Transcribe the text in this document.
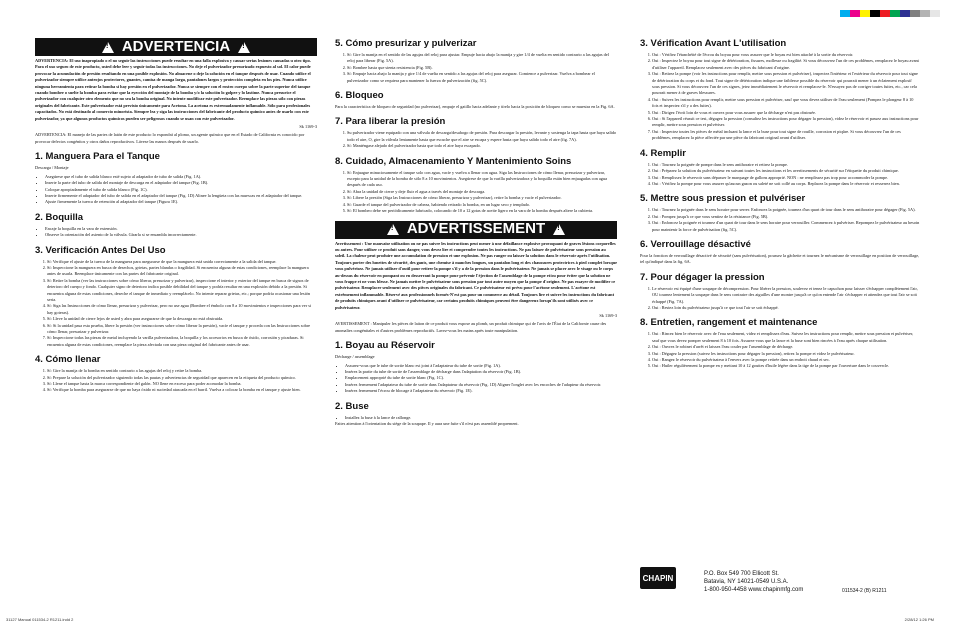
!
ADVERTENCIA
!

ADVERTENCIA: El uso inapropiado o el no seguir las instrucciones puede resultar en una falla explosiva y causar serias lesiones causadas u otro tipo. Para el uso seguro de este producto, usted debe leer y seguir todas las instrucciones. No deje el pulverizador presurizado expuesto al sol. El calor puede provocar la acumulación de presión resultando en una posible explosión. No almacene o deje la solución en el tanque después de usar. Cuando utilice el pulverizador siempre utilice anteojos protectores, guantes, camisa de manga larga, pantalones largos y protección completa en los pies. Nunca utilice ninguna herramienta para retirar la bomba si hay presión en el pulverizador. Nunca se siempre con el rostro cuerpo sobre la parte superior del tanque cuando bombee o suelte la bomba para evitar que la eyección del montaje de la bomba y/o la solución lo golpee y lo lastime. Nunca presurice el pulverizador con cualquier otro elemento que no sea la bomba original. No intente modificar este pulverizador. Reemplace las piezas sólo con piezas originales del fabricante. Este pulverizador está previsto únicamente para Acetona. La acetona es extremadamente inflamable. Sólo para profesionales capacitados. No está destinado al comercio minorista. Siempre lea y siga las instrucciones del fabricante del producto químico antes de usarlo con este pulverizador, ya que algunos productos químicos pueden ser peligrosos cuando se usan con este pulverizador.

Sk 1169-3

ADVERTENCIA: El manejo de las partes de latón de este producto lo expondrá al plomo, un agente químico que en el Estado de California es conocido por provocar defectos congénitos y otros daños reproductivos. Lávese las manos después de usarlo.

1. Manguera Para el Tanque

Descarga / Montaje

• Asegúrese que el tubo de salida blanco esté sujeto al adaptador de tubo de salida (Fig. 1A).
• Inserte la parte del tubo de salida del montaje de descarga en el adaptador del tanque (Fig. 1B).
• Coloque apropiadamente el tubo de salida blanco (Fig. 1C).
• Inserte firmemente el adaptador del tubo de salida en el adaptador del tanque (Fig. 1D) Alinee la lengüeta con las muescas en el adaptador del tanque.
• Ajuste firmemente la tuerca de retención al adaptador del tanque (Figura 1E).
2. Boquilla
• Encaje la boquilla en la vara de extensión.
• Observe la orientación del asiento de la válvula. Gírarla si se ensambla incorrectamente.
3. Verificación Antes Del Uso
1. Sí: Verifique el ajuste de la tuerca de la manguera para asegurarse de que la manguera está unida correctamente a la salida del tanque.
2. Sí: Inspeccione la manguera en busca de desechos, grietas, partes blandas o fragilidad. Si encuentra alguna de estas condiciones, reemplace la manguera antes de usarla. Reemplace únicamente con las partes del fabricante original.
3. Sí: Retire la bomba (ver las instrucciones sobre cómo liberar, presurizar y pulverizar), inspeccione el interior y exterior del tanque en busca de signos de deterioro del cuerpo y fondo. Cualquier signo de deterioro indica posible debilidad del tanque y podría resultar en una explosión debido a la presión. Si encuentra alguna de estas condiciones, deseche el tanque de inmediato y reemplácelo. No intente reparar grietas, etc.; porque podría ocasionar una lesión seria.
4. Sí: Siga las Instrucciones de cómo llenar, presurizar y pulverizar, pero no use agua (Bombee el émbolo con 8 a 10 movimientos e inspecciones para ver si hay goteras).
5. Sí: Lleve la unidad de cierre lejos de usted y abra para asegurarse de que la descarga no está obstruida.
6. Sí: Si la unidad pasa esta prueba, libere la presión (ver instrucciones sobre cómo liberar la presión), vacíe el tanque y proceda con las Instrucciones sobre cómo llenar, presurizar y pulverizar.
7. Sí: Inspeccione todas las piezas de metal incluyendo la varilla pulverizadora, la boquilla y los accesorios en busca de óxido, corrosión y picaduras. Si encuentra alguna de estas condiciones, reemplace la pieza afectada con una pieza original del fabricante antes de usar.
4. Cómo llenar
1. Sí: Gire la manija de la bomba en sentido contrario a las agujas del reloj y retire la bomba.
2. Sí: Prepare la solución del pulverizador siguiendo todas las pautas y advertencias de seguridad que aparecen en la etiqueta del producto químico.
3. Sí: Llene el tanque hasta la marca correspondiente del galón. NO llene en exceso para poder acomodar la bomba.
4. Sí: Verifique la bomba para asegurarse de que no haya óxido ni suciedad atascada en el barril. Vuelva a colocar la bomba en el tanque y ajuste bien.
5. Cómo presurizar y pulverizar
1. Sí: Gire la manija en el sentido de las agujas del reloj para ajustar. Empuje hacia abajo la manija y gire 1/4 de vuelta en sentido contrario a las agujas del reloj para liberar (Fig. 5A).
2. Sí: Bombee hasta que sienta resistencia (Fig. 5B).
3. Sí: Empuje hacia abajo la manija y gire 1/4 de vuelta en sentido a las agujas del reloj para asegurar. Comience a pulverizar. Vuelva a bombear el pulverizador como se requiera para mantener la fuerza de pulverización (fig. 5C).
6. Bloqueo

Para la característica de bloqueo de seguridad (no pulverizar), empuje el gatillo hacia adelante y tírelo hacia la posición de bloqueo como se muestra en la Fig. 6A.

7. Para liberar la presión
1. Su pulverizador viene equipado con una válvula de descarga/desahogo de presión. Para descargar la presión, levante y sostenga la tapa hasta que haya salido todo el aire, O, gire la válvula lentamente hasta que escuche que el aire se escapa y espere hasta que haya salido todo el aire (fig. 7A).
2. Sí: Manténgase alejado del pulverizador hasta que todo el aire haya escapado.
8. Cuidado, Almacenamiento Y Mantenimiento Soins
1. Sí: Enjuague minuciosamente el tanque solo con agua, vacíe y vuelva a llenar con agua. Siga las Instrucciones de cómo llenar, presurizar y pulverizar, excepto para la unidad de la bomba de sólo 8 a 10 movimientos. Asegúrese de que la varilla pulverizadora y la boquilla están bien enjuagadas con agua después de cada uso.
2. Sí: Abra la unidad de cierre y deje fluir el agua a través del montaje de descarga.
3. Sí: Libere la presión (Siga las Instrucciones de cómo liberar, presurizar y pulverizar), retire la bomba y vacíe el pulverizador.
4. Sí: Guarde el tanque del pulverizador de cabeza, habiendo retirado la bomba, en un lugar seco y templado.
5. Sí: El bombeo debe ser periódicamente lubricado, colocando de 10 a 12 gotas de aceite ligero en la vara de la bomba después altere la cubierta.
!
ADVERTISSEMENT
!

Avertissement : Une mauvaise utilisation ou ne pas suivre les instructions peut mener à une défaillance explosive provoquant de graves lésions corporelles ou autres. Pour utiliser ce produit sans danger, vous devez lire et comprendre toutes les instructions. Ne pas laisser de pulvérisateur sous pression au soleil. La chaleur peut produire une accumulation de pression et une explosion. Ne pas ranger ou laisser la solution dans le réservoir après l'utilisation. Toujours porter des lunettes de sécurité, des gants, une chemise à manches longues, un pantalon long et des chaussures protectrices à pied complet lorsque vous pulvérisez. Ne jamais utiliser d'outil pour retirer la pompe s'il y a de la pression dans le pulvérisateur. Ne jamais se placer avec le visage ou le corps au-dessus du réservoir en pompant ou en desserrant la pompe pour prévenir l'éjection de l'assemblage de la pompe et/ou pour éviter que la solution ne vous frappe et ne vous blesse. Ne jamais mettre le pulvérisateur sous pression par tout autre moyen que la pompe d'origine. Ne pas essayer de modifier ce pulvérisateur. Remplacer seulement avec des pièces originales du fabricant. Ce pulvérisateur est prévu pour l'acétone seulement. L'acétone est extrêmement inflammable. Réservé aux professionnels formés-N'est pas pour un commerce au détail. Toujours lire et suivre les instructions du fabricant de produits chimiques avant d'utiliser ce pulvérisateur, car certains produits chimiques peuvent être dangereux lorsqu'ils sont utilisés avec ce pulvérisateur.

Sk 1169-3

AVERTISSEMENT : Manipuler les pièces de laiton de ce produit vous expose au plomb, un produit chimique qui de l'avis de l'État de la Californie cause des anomalies congénitales et d'autres problèmes reproductifs. Lavez-vous les mains après toute manipulation.

1. Boyau au Réservoir

Décharge / assemblage

• Assurez-vous que le tube de sortie blanc est joint à l'adaptateur du tube de sortie (Fig. 1A).
• Insérez la partie du tube de sortie de l'assemblage de décharge dans l'adaptation du réservoir (Fig. 1B).
• Emplacement approprié du tube de sortie blanc (Fig. 1C).
• Insérez fermement l'adaptateur du tube de sortie dans l'adaptateur du réservoir (Fig. 1D) Aligner l'onglet avec les encoches de l'adapteur du réservoir.
• Insérez fermement l'écrou de blocage à l'adaptateur du réservoir (Fig. 1E).
2. Buse
• Installez la buse à la lance de rallonge.

Faites attention à l'orientation du siège de la soupape. Il y aura une fuite s'il n'est pas assemblé proprement.

3. Vérification Avant L'utilisation
1. Oui : Vérifiez l'étanchéité de l'écrou du boyau pour vous assurer que le boyau est bien attaché à la sortie du réservoir.
2. Oui : Inspectez le boyau pour tout signe de détérioration, fissures, mollesse ou fragilité. Si vous découvrez l'un de ces problèmes, remplacez le boyau avant d'utiliser l'appareil. Remplacez seulement avec des pièces du fabricant d'origine.
3. Oui : Retirez la pompe (voir les instructions pour remplir, mettre sous pression et pulvériser), inspectez l'intérieur et l'extérieur du réservoir pour tout signe de détérioration du corps et du fond. Tout signe de détérioration indique une faiblesse possible du réservoir qui pourrait mener à un éclatement explosif sous pression. Si vous découvrez l'un de ces signes, jetez immédiatement le réservoir et remplacez-le. N'essayez pas de corriger toutes fuites, etc., car cela pourrait mener à de graves blessures.
4. Oui : Suivez les instructions pour remplir, mettre sous pression et pulvériser, sauf que vous devez utiliser de l'eau seulement (Pompez le plongeur 8 à 10 fois et inspectez s'il y a des fuites).
5. Oui : Dirigez l'écrit loin de vous et ouvrez pour vous assurer que la décharge n'est pas obstruée.
6. Oui : Si l'appareil réussit ce test, dégagez la pression (consultez les instructions pour dégager la pression), videz le réservoir et passez aux instructions pour remplir, mettre sous pression et pulvériser.
7. Oui : Inspectez toutes les pièces de métal incluant la lance et la buse pour tout signe de rouille, corrosion et piqûre. Si vous découvrez l'un de ces problèmes, remplacez la pièce affectée par une pièce du fabricant original avant d'utiliser.
4. Remplir
1. Oui : Tournez la poignée de pompe dans le sens antihoraire et retirez la pompe.
2. Oui : Préparez la solution du pulvérisateur en suivant toutes les instructions et les avertissements de sécurité sur l'étiquette du produit chimique.
3. Oui : Remplissez le réservoir sans dépasser le marquage de gallons approprié. NON : ne remplissez pas trop pour accommoder la pompe.
4. Oui : Vérifiez la pompe pour vous assurer qu'aucun gazon ou saleté ne soit collé au corps. Replacez la pompe dans le réservoir et resserrez bien.
5. Mettre sous pression et pulvériser
1. Oui : Tournez la poignée dans le sens horaire pour serrer. Enfoncez la poignée, tournez d'un quart de tour dans le sens antihoraire pour dégager (Fig. 5A).
2. Oui : Pompez jusqu'à ce que vous sentiez de la résistance (Fig. 5B).
3. Oui : Enfoncez la poignée et tournez d'un quart de tour dans le sens horaire pour verrouiller. Commencez à pulvériser. Repompez le pulvérisateur au besoin pour maintenir la force de pulvérisation (fig. 5C).
6. Verrouillage désactivé

Pour la fonction de verrouillage désactivé de sécurité (sans pulvérisation), poussez la gâchette et tournez le mécanisme de verrouillage en position de verrouillage, tel qu'indiqué dans la fig. 6A.

7. Pour dégager la pression
1. Le réservoir est équipé d'une soupape de décompression. Pour libérer la pression, soulevez et tenez le capuchon pour laisser s'échapper complètement l'air, OU tournez lentement la soupape dans le sens contraire des aiguilles d'une montre jusqu'à ce qu'on entende l'air s'échapper et attendez que tout l'air se soit échappé (Fig. 7A).
2. Oui : Restez loin du pulvérisateur jusqu'à ce que tout l'air se soit échappé.
8. Entretien, rangement et maintenance
1. Oui : Rincez bien le réservoir avec de l'eau seulement, videz et remplissez d'eau. Suivez les instructions pour remplir, mettre sous pression et pulvériser, sauf que vous devez pomper seulement 8 à 10 fois. Assurez-vous que la lance et la buse sont bien rincées à l'eau après chaque utilisation.
2. Oui : Ouvrez le robinet d'arrêt et laissez l'eau couler par l'assemblage de décharge.
3. Oui : Dégagez la pression (suivez les instructions pour dégager la pression), retirez la pompe et videz le pulvérisateur.
4. Oui : Rangez le réservoir du pulvérisateur à l'envers avec la pompe retirée dans un endroit chaud et sec.
5. Oui : Huiler régulièrement la pompe en y mettant 10 à 12 gouttes d'huile légère dans la tige de la pompe par l'ouverture dans le couvercle.
CHAPIN	P.O. Box 549 700 Ellicott St.
Batavia, NY 14021-0549 U.S.A.
1-800-950-4458 www.chapinmfg.com	011534-2 (B) R1211
31127 Manual 011534-2 R1211.indd 2	2/28/12 1:26 PM
